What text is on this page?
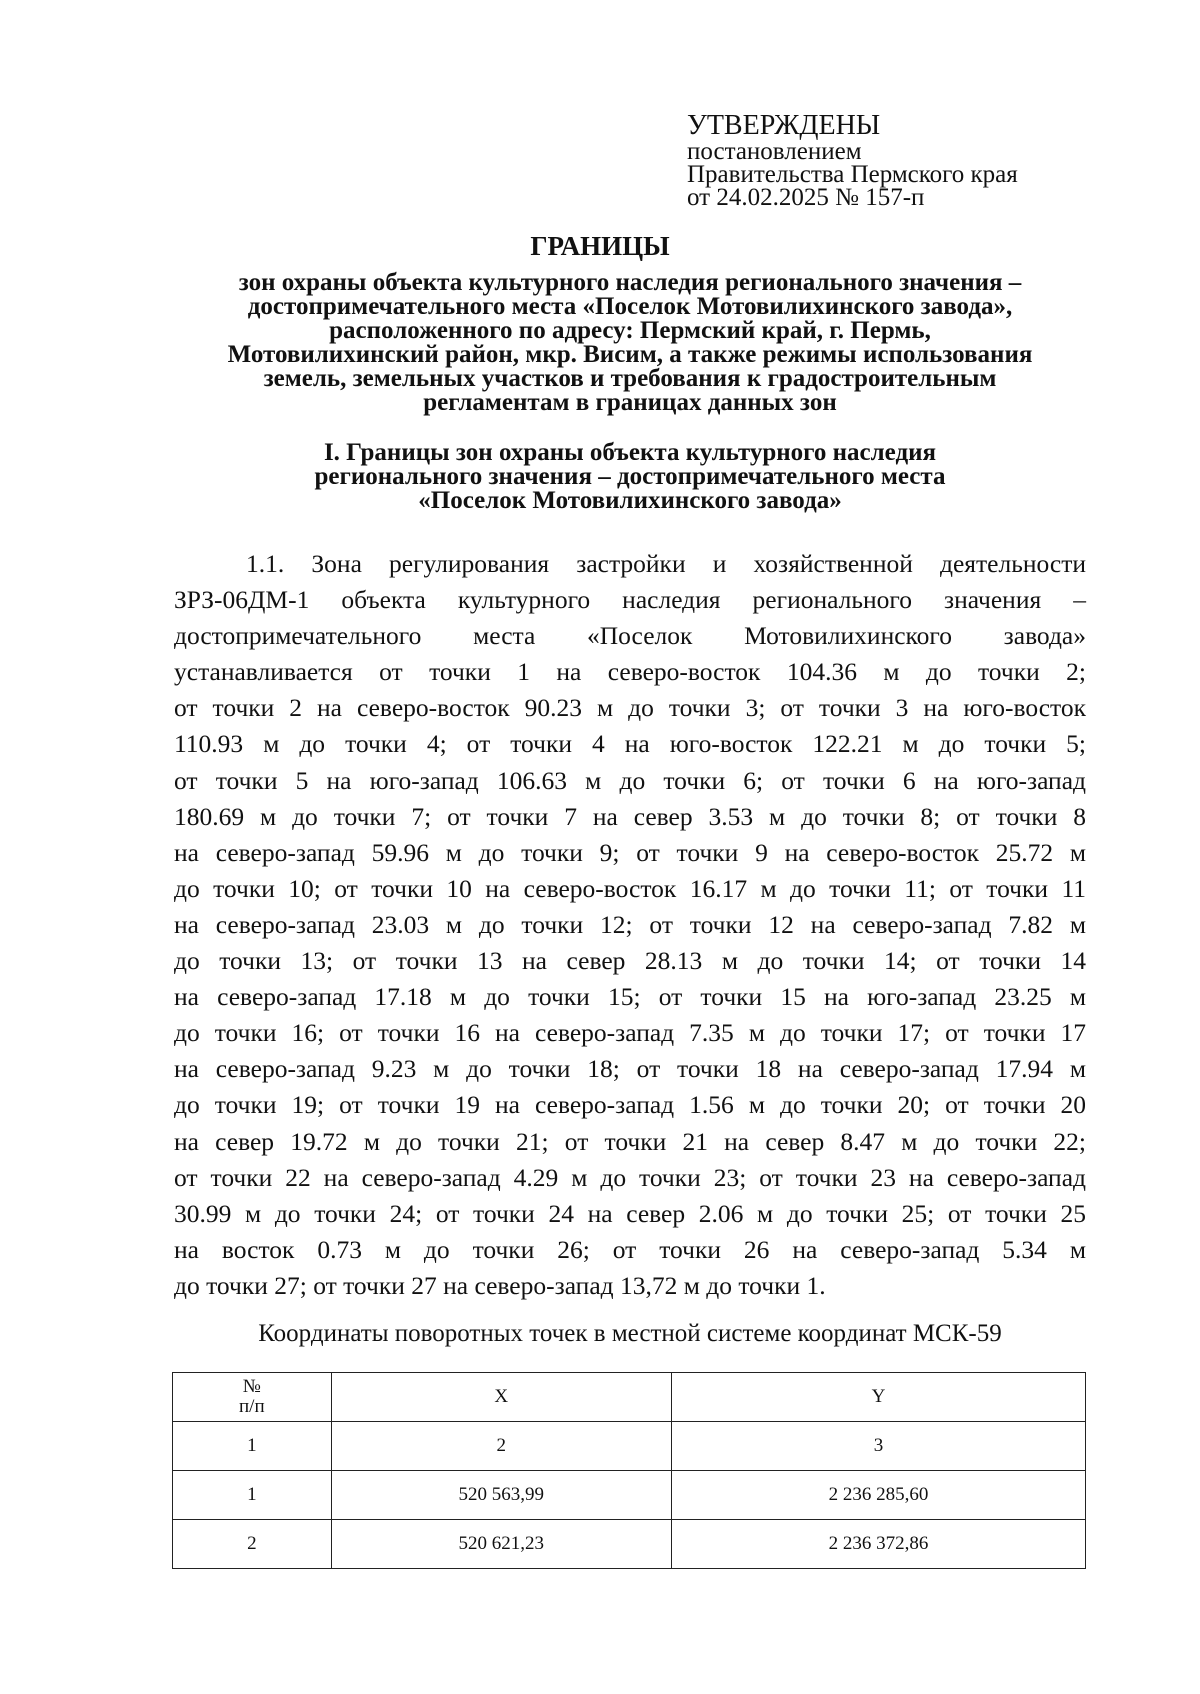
УТВЕРЖДЕНЫ
постановлением
Правительства Пермского края
от 24.02.2025 № 157-п
ГРАНИЦЫ
зон охраны объекта культурного наследия регионального значения –
достопримечательного места «Поселок Мотовилихинского завода»,
расположенного по адресу: Пермский край, г. Пермь,
Мотовилихинский район, мкр. Висим, а также режимы использования
земель, земельных участков и требования к градостроительным
регламентам в границах данных зон
I. Границы зон охраны объекта культурного наследия
регионального значения – достопримечательного места
«Поселок Мотовилихинского завода»
1.1. Зона регулирования застройки и хозяйственной деятельности
ЗРЗ-06ДМ-1 объекта культурного наследия регионального значения –
достопримечательного места «Поселок Мотовилихинского завода»
устанавливается от точки 1 на северо-восток 104.36 м до точки 2;
от точки 2 на северо-восток 90.23 м до точки 3; от точки 3 на юго-восток
110.93 м до точки 4; от точки 4 на юго-восток 122.21 м до точки 5;
от точки 5 на юго-запад 106.63 м до точки 6; от точки 6 на юго-запад
180.69 м до точки 7; от точки 7 на север 3.53 м до точки 8; от точки 8
на северо-запад 59.96 м до точки 9; от точки 9 на северо-восток 25.72 м
до точки 10; от точки 10 на северо-восток 16.17 м до точки 11; от точки 11
на северо-запад 23.03 м до точки 12; от точки 12 на северо-запад 7.82 м
до точки 13; от точки 13 на север 28.13 м до точки 14; от точки 14
на северо-запад 17.18 м до точки 15; от точки 15 на юго-запад 23.25 м
до точки 16; от точки 16 на северо-запад 7.35 м до точки 17; от точки 17
на северо-запад 9.23 м до точки 18; от точки 18 на северо-запад 17.94 м
до точки 19; от точки 19 на северо-запад 1.56 м до точки 20; от точки 20
на север 19.72 м до точки 21; от точки 21 на север 8.47 м до точки 22;
от точки 22 на северо-запад 4.29 м до точки 23; от точки 23 на северо-запад
30.99 м до точки 24; от точки 24 на север 2.06 м до точки 25; от точки 25
на восток 0.73 м до точки 26; от точки 26 на северо-запад 5.34 м
до точки 27; от точки 27 на северо-запад 13,72 м до точки 1.
Координаты поворотных точек в местной системе координат МСК-59
№
п/п	X	Y
1	2	3
1	520 563,99	2 236 285,60
2	520 621,23	2 236 372,86
